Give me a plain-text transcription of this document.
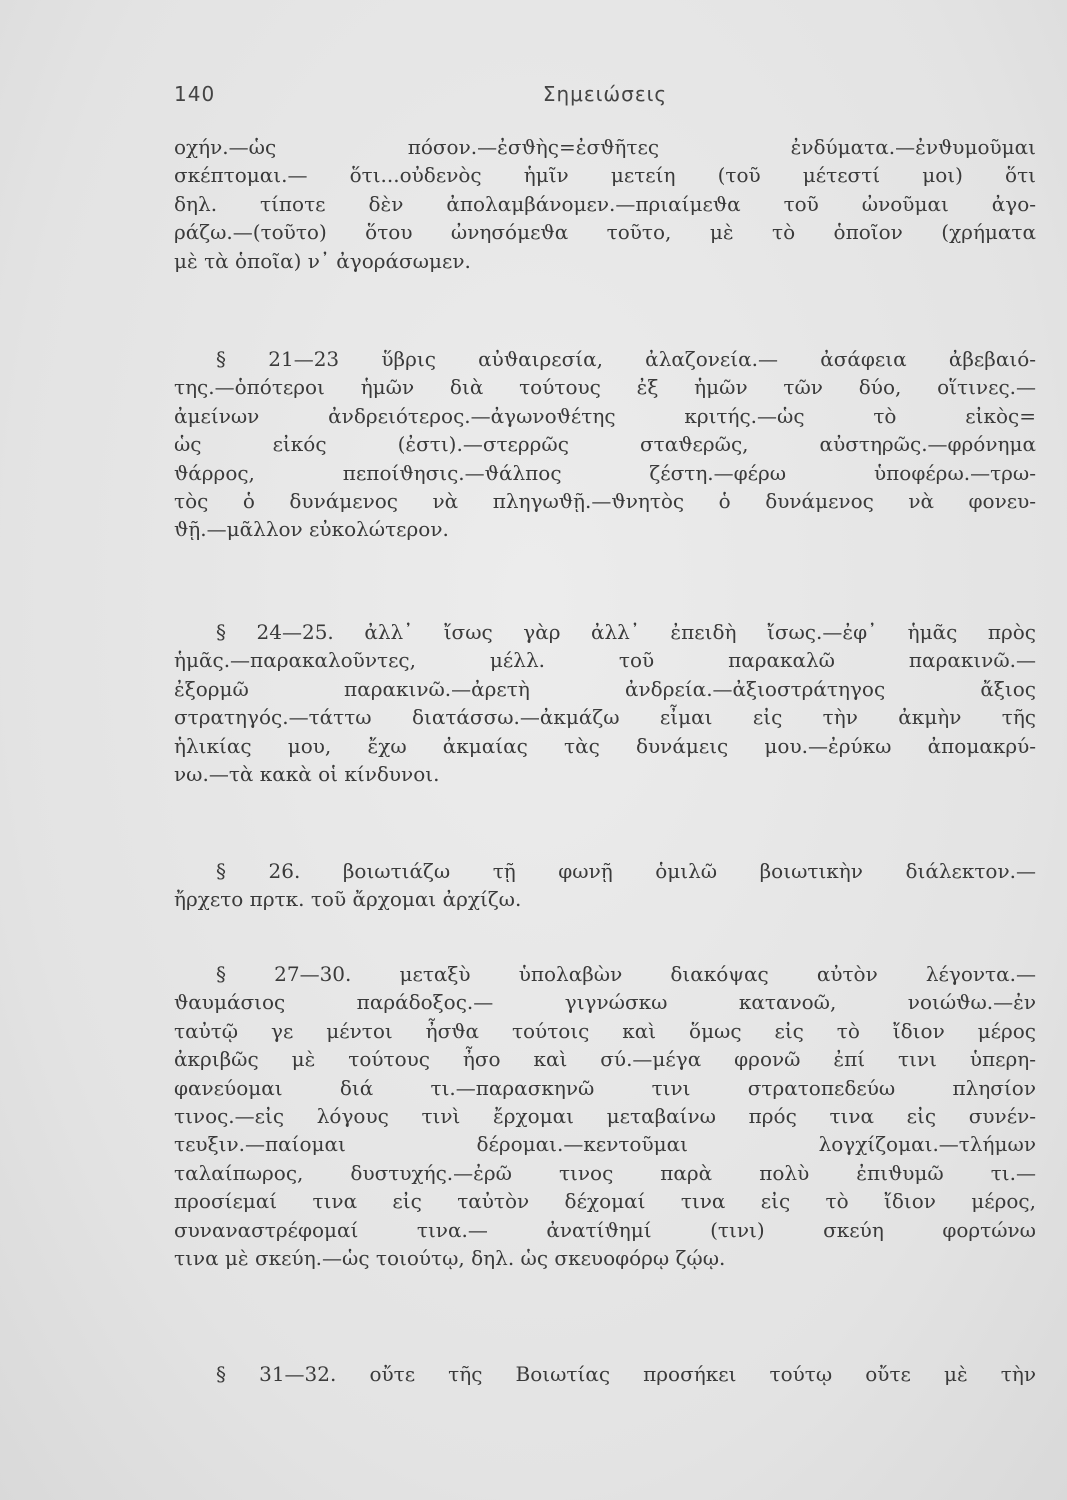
140	Σημειώσεις
οχήν.—ὡς πόσον.—ἐσϑὴς=ἐσϑῆτες ἐνδύματα.—ἐνϑυμοῦμαι
σκέπτομαι.— ὅτι...οὐδενὸς ἡμῖν μετείη (τοῦ μέτεστί μοι) ὅτι
δηλ. τίποτε δὲν ἀπολαμβάνομεν.—πριαίμεϑα τοῦ ὠνοῦμαι ἀγο-
ράζω.—(τοῦτο) ὅτου ὠνησόμεϑα τοῦτο, μὲ τὸ ὁποῖον (χρήματα
μὲ τὰ ὁποῖα) ν᾿ ἀγοράσωμεν.
§ 21—23 ὕβρις αὐϑαιρεσία, ἀλαζονεία.— ἀσάφεια ἀβεβαιό-
της.—ὁπότεροι ἡμῶν διὰ τούτους ἐξ ἡμῶν τῶν δύο, οἵτινες.—
ἀμείνων ἀνδρειότερος.—ἀγωνοϑέτης κριτής.—ὡς τὸ εἰκὸς=
ὡς εἰκός (ἐστι).—στερρῶς σταϑερῶς, αὐστηρῶς.—φρόνημα
ϑάρρος, πεποίϑησις.—ϑάλπος ζέστη.—φέρω ὑποφέρω.—τρω-
τὸς ὁ δυνάμενος νὰ πληγωϑῇ.—ϑνητὸς ὁ δυνάμενος νὰ φονευ-
ϑῇ.—μᾶλλον εὐκολώτερον.
§ 24—25. ἀλλ᾿ ἴσως γὰρ ἀλλ᾿ ἐπειδὴ ἴσως.—ἐφ᾿ ἡμᾶς πρὸς
ἡμᾶς.—παρακαλοῦντες, μέλλ. τοῦ παρακαλῶ παρακινῶ.—
ἐξορμῶ παρακινῶ.—ἀρετὴ ἀνδρεία.—ἀξιοστράτηγος ἄξιος
στρατηγός.—τάττω διατάσσω.—ἀκμάζω εἶμαι εἰς τὴν ἀκμὴν τῆς
ἡλικίας μου, ἔχω ἀκμαίας τὰς δυνάμεις μου.—ἐρύκω ἀπομακρύ-
νω.—τὰ κακὰ οἱ κίνδυνοι.
§ 26. βοιωτιάζω τῇ φωνῇ ὁμιλῶ βοιωτικὴν διάλεκτον.—
ἤρχετο πρτκ. τοῦ ἄρχομαι ἀρχίζω.
§ 27—30. μεταξὺ ὑπολαβὼν διακόψας αὐτὸν λέγοντα.—
ϑαυμάσιος παράδοξος.— γιγνώσκω κατανοῶ, νοιώϑω.—ἐν
ταὐτῷ γε μέντοι ἦσϑα τούτοις καὶ ὅμως εἰς τὸ ἴδιον μέρος
ἀκριβῶς μὲ τούτους ἦσο καὶ σύ.—μέγα φρονῶ ἐπί τινι ὑπερη-
φανεύομαι διά τι.—παρασκηνῶ τινι στρατοπεδεύω πλησίον
τινος.—εἰς λόγους τινὶ ἔρχομαι μεταβαίνω πρός τινα εἰς συνέν-
τευξιν.—παίομαι δέρομαι.—κεντοῦμαι λογχίζομαι.—τλήμων
ταλαίπωρος, δυστυχής.—ἐρῶ τινος παρὰ πολὺ ἐπιϑυμῶ τι.—
προσίεμαί τινα εἰς ταὐτὸν δέχομαί τινα εἰς τὸ ἴδιον μέρος,
συναναστρέφομαί τινα.— ἀνατίϑημί (τινι) σκεύη φορτώνω
τινα μὲ σκεύη.—ὡς τοιούτῳ, δηλ. ὡς σκευοφόρῳ ζῴῳ.
§ 31—32. οὔτε τῆς Βοιωτίας προσήκει τούτῳ οὔτε μὲ τὴν
